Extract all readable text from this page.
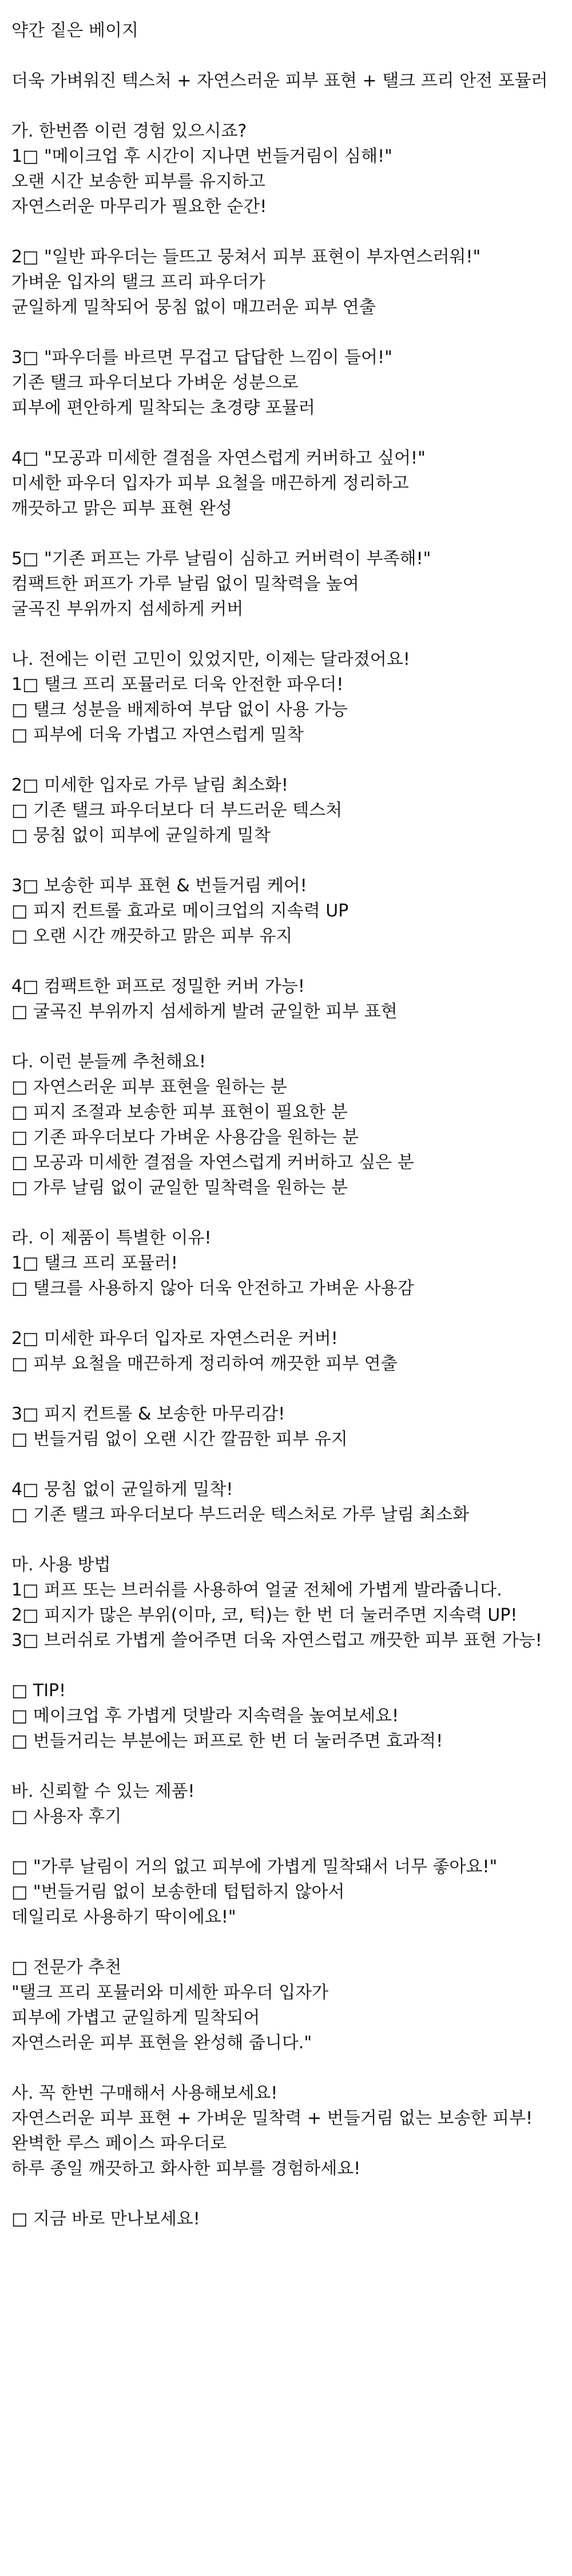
약간 짙은 베이지

더욱 가벼워진 텍스처 + 자연스러운 피부 표현 + 탤크 프리 안전 포뮬러

가. 한번쯤 이런 경험 있으시죠?

1□ "메이크업 후 시간이 지나면 번들거림이 심해!"

오랜 시간 보송한 피부를 유지하고

자연스러운 마무리가 필요한 순간!

2□ "일반 파우더는 들뜨고 뭉쳐서 피부 표현이 부자연스러워!"

가벼운 입자의 탤크 프리 파우더가

균일하게 밀착되어 뭉침 없이 매끄러운 피부 연출

3□ "파우더를 바르면 무겁고 답답한 느낌이 들어!"

기존 탤크 파우더보다 가벼운 성분으로

피부에 편안하게 밀착되는 초경량 포뮬러

4□ "모공과 미세한 결점을 자연스럽게 커버하고 싶어!"

미세한 파우더 입자가 피부 요철을 매끈하게 정리하고

깨끗하고 맑은 피부 표현 완성

5□ "기존 퍼프는 가루 날림이 심하고 커버력이 부족해!"

컴팩트한 퍼프가 가루 날림 없이 밀착력을 높여

굴곡진 부위까지 섬세하게 커버

나. 전에는 이런 고민이 있었지만, 이제는 달라졌어요!

1□ 탤크 프리 포뮬러로 더욱 안전한 파우더!

□ 탤크 성분을 배제하여 부담 없이 사용 가능

□ 피부에 더욱 가볍고 자연스럽게 밀착

2□ 미세한 입자로 가루 날림 최소화!

□ 기존 탤크 파우더보다 더 부드러운 텍스처

□ 뭉침 없이 피부에 균일하게 밀착

3□ 보송한 피부 표현 & 번들거림 케어!

□ 피지 컨트롤 효과로 메이크업의 지속력 UP

□ 오랜 시간 깨끗하고 맑은 피부 유지

4□ 컴팩트한 퍼프로 정밀한 커버 가능!

□ 굴곡진 부위까지 섬세하게 발려 균일한 피부 표현

다. 이런 분들께 추천해요!

□ 자연스러운 피부 표현을 원하는 분

□ 피지 조절과 보송한 피부 표현이 필요한 분

□ 기존 파우더보다 가벼운 사용감을 원하는 분

□ 모공과 미세한 결점을 자연스럽게 커버하고 싶은 분

□ 가루 날림 없이 균일한 밀착력을 원하는 분

라. 이 제품이 특별한 이유!

1□ 탤크 프리 포뮬러!

□ 탤크를 사용하지 않아 더욱 안전하고 가벼운 사용감

2□ 미세한 파우더 입자로 자연스러운 커버!

□ 피부 요철을 매끈하게 정리하여 깨끗한 피부 연출

3□ 피지 컨트롤 & 보송한 마무리감!

□ 번들거림 없이 오랜 시간 깔끔한 피부 유지

4□ 뭉침 없이 균일하게 밀착!

□ 기존 탤크 파우더보다 부드러운 텍스처로 가루 날림 최소화

마. 사용 방법

1□ 퍼프 또는 브러쉬를 사용하여 얼굴 전체에 가볍게 발라줍니다.

2□ 피지가 많은 부위(이마, 코, 턱)는 한 번 더 눌러주면 지속력 UP!

3□ 브러쉬로 가볍게 쓸어주면 더욱 자연스럽고 깨끗한 피부 표현 가능!

□ TIP!

□ 메이크업 후 가볍게 덧발라 지속력을 높여보세요!

□ 번들거리는 부분에는 퍼프로 한 번 더 눌러주면 효과적!

바. 신뢰할 수 있는 제품!

□ 사용자 후기

□ "가루 날림이 거의 없고 피부에 가볍게 밀착돼서 너무 좋아요!"

□ "번들거림 없이 보송한데 텁텁하지 않아서

데일리로 사용하기 딱이에요!"

□ 전문가 추천

"탤크 프리 포뮬러와 미세한 파우더 입자가

피부에 가볍고 균일하게 밀착되어

자연스러운 피부 표현을 완성해 줍니다."

사. 꼭 한번 구매해서 사용해보세요!

자연스러운 피부 표현 + 가벼운 밀착력 + 번들거림 없는 보송한 피부!

완벽한 루스 페이스 파우더로

하루 종일 깨끗하고 화사한 피부를 경험하세요!

□ 지금 바로 만나보세요!
